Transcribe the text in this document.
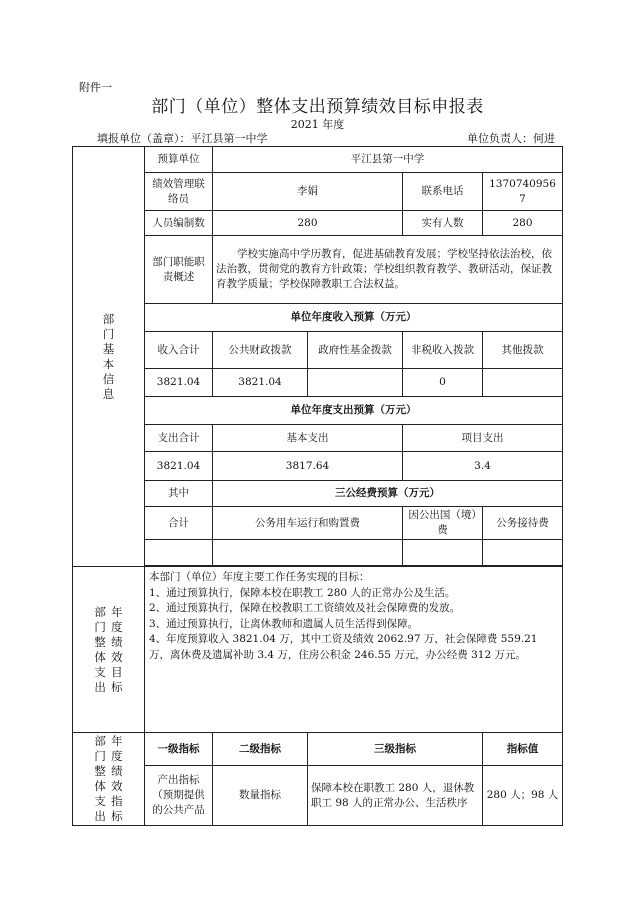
附件一
部门（单位）整体支出预算绩效目标申报表
2021 年度
填报单位（盖章）：平江县第一中学	单位负责人：何进
部门基本信息	预算单位	平江县第一中学			
	绩效管理联络员	李娟		联系电话	13707409567
	人员编制数	280		实有人数	280
	部门职能职责概述	学校实施高中学历教育，促进基础教育发展；学校坚持依法治校，依法治教，贯彻党的教育方针政策；学校组织教育教学、教研活动，保证教育教学质量；学校保障教职工合法权益。			
	单位年度收入预算（万元）				
	收入合计	公共财政拨款	政府性基金拨款	非税收入拨款	其他拨款
	3821.04	3821.04		0	
	单位年度支出预算（万元）				
	支出合计	基本支出		项目支出	
	3821.04	3817.64		3.4	
	其中	三公经费预算（万元）			
	合计	公务用车运行和购置费		因公出国（境）费	公务接待费

部门整体支出 年度绩效目标	本部门（单位）年度主要工作任务实现的目标：
1、通过预算执行，保障本校在职教工 280 人的正常办公及生活。
2、通过预算执行，保障在校教职工工资绩效及社会保障费的发放。
3、通过预算执行，让离休教师和遗属人员生活得到保障。
4、年度预算收入 3821.04 万，其中工资及绩效 2062.97 万，社会保障费 559.21 万，离休费及遗属补助 3.4 万，住房公积金 246.55 万元，办公经费 312 万元。				

部门整体支出 年度绩效指标	一级指标	二级指标	三级指标		指标值
	产出指标（预期提供的公共产品	数量指标	保障本校在职教工 280 人，退休教职工 98 人的正常办公、生活秩序		280 人；98 人
